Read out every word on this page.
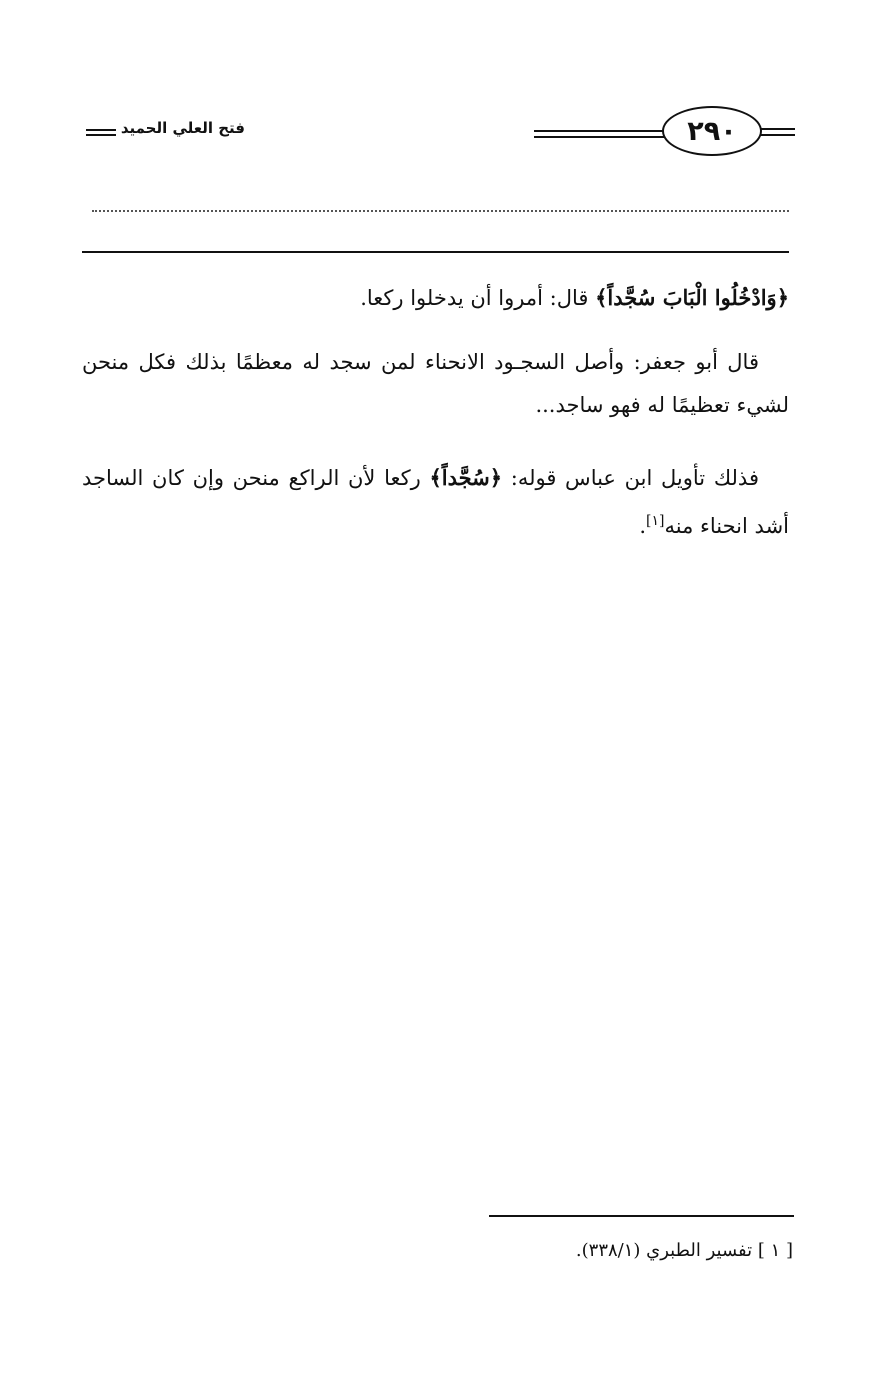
٢٩٠
فتح العلي الحميد
﴿وَادْخُلُوا الْبَابَ سُجَّداً﴾ قال: أمروا أن يدخلوا ركعا.
قال أبو جعفر: وأصل السجـود الانحناء لمن سجد له معظمًا بذلك فكل منحن لشيء تعظيمًا له فهو ساجد...
فذلك تأويل ابن عباس قوله: ﴿سُجَّداً﴾ ركعا لأن الراكع منحن وإن كان الساجد أشد انحناء منه[١].
[ ١ ] تفسير الطبري (٣٣٨/١).
